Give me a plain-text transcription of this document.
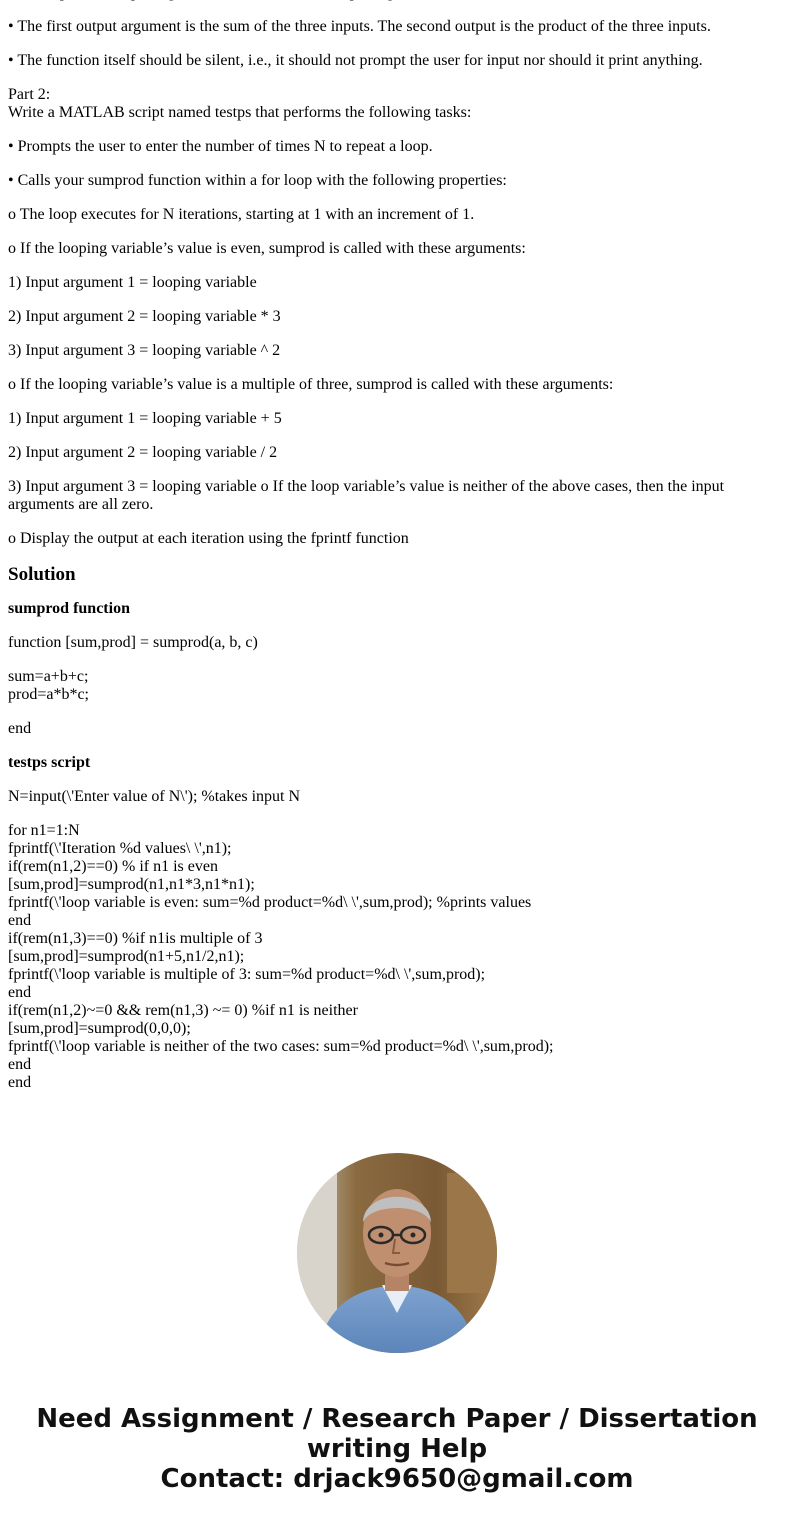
• The first output argument is the sum of the three inputs. The second output is the product of the three inputs.

• The function itself should be silent, i.e., it should not prompt the user for input nor should it print anything.

Part 2:
Write a MATLAB script named testps that performs the following tasks:

• Prompts the user to enter the number of times N to repeat a loop.

• Calls your sumprod function within a for loop with the following properties:

o The loop executes for N iterations, starting at 1 with an increment of 1.

o If the looping variable’s value is even, sumprod is called with these arguments:

1) Input argument 1 = looping variable

2) Input argument 2 = looping variable * 3

3) Input argument 3 = looping variable ^ 2

o If the looping variable’s value is a multiple of three, sumprod is called with these arguments:

1) Input argument 1 = looping variable + 5

2) Input argument 2 = looping variable / 2

3) Input argument 3 = looping variable o If the loop variable’s value is neither of the above cases, then the input arguments are all zero.

o Display the output at each iteration using the fprintf function

Solution
sumprod function

function [sum,prod] = sumprod(a, b, c)

sum=a+b+c;
prod=a*b*c;

end

testps script

N=input(\'Enter value of N\'); %takes input N

for n1=1:N
fprintf(\'Iteration %d values\ \',n1);
if(rem(n1,2)==0) % if n1 is even
[sum,prod]=sumprod(n1,n1*3,n1*n1);
fprintf(\'loop variable is even: sum=%d product=%d\ \',sum,prod); %prints values
end
if(rem(n1,3)==0) %if n1is multiple of 3
[sum,prod]=sumprod(n1+5,n1/2,n1);
fprintf(\'loop variable is multiple of 3: sum=%d product=%d\ \',sum,prod);
end
if(rem(n1,2)~=0 && rem(n1,3) ~= 0) %if n1 is neither
[sum,prod]=sumprod(0,0,0);
fprintf(\'loop variable is neither of the two cases: sum=%d product=%d\ \',sum,prod);
end
end

Need Assignment / Research Paper / Dissertation
writing Help
Contact: drjack9650@gmail.com
